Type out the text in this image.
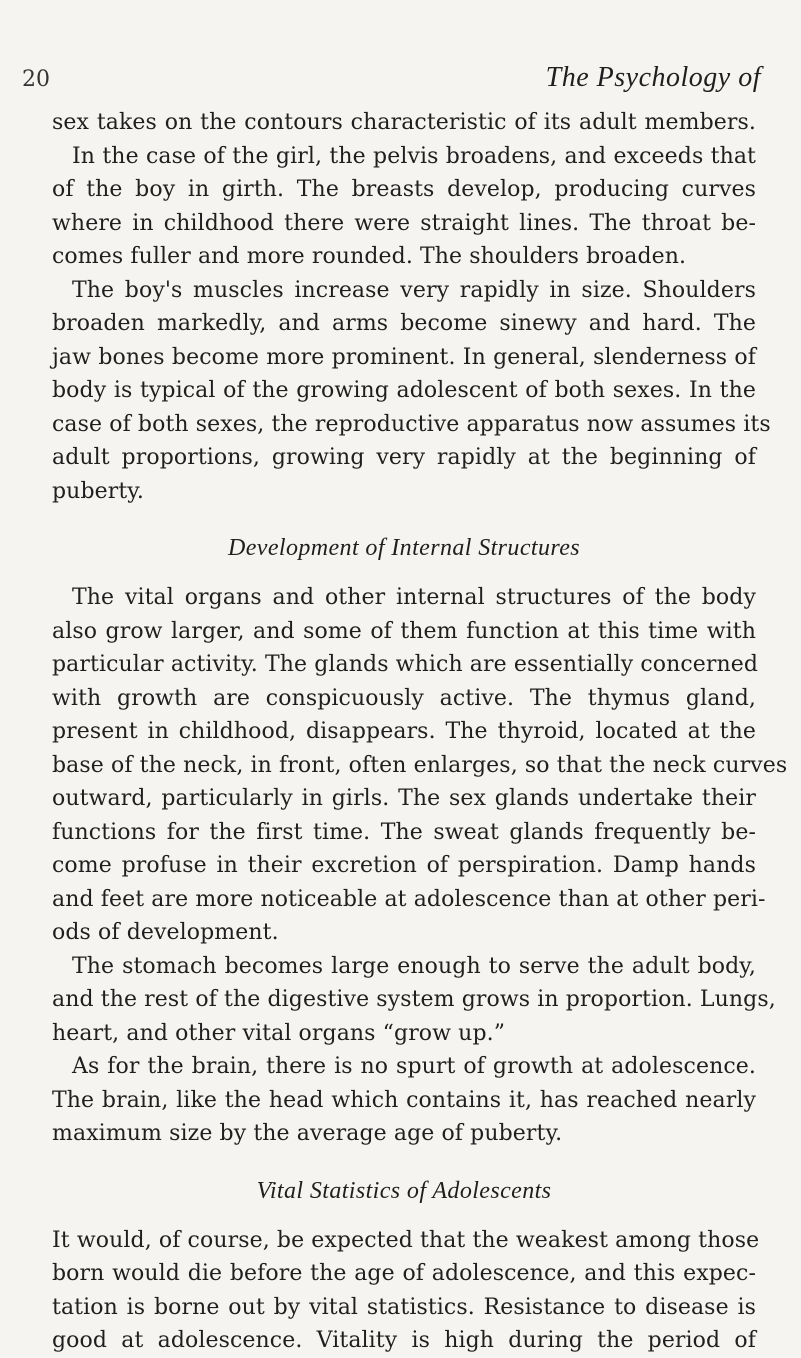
20	The Psychology of
sex takes on the contours characteristic of its adult members.
In the case of the girl, the pelvis broadens, and exceeds that
of the boy in girth. The breasts develop, producing curves
where in childhood there were straight lines. The throat be-
comes fuller and more rounded. The shoulders broaden.
The boy's muscles increase very rapidly in size. Shoulders
broaden markedly, and arms become sinewy and hard. The
jaw bones become more prominent. In general, slenderness of
body is typical of the growing adolescent of both sexes. In the
case of both sexes, the reproductive apparatus now assumes its
adult proportions, growing very rapidly at the beginning of
puberty.
Development of Internal Structures
The vital organs and other internal structures of the body
also grow larger, and some of them function at this time with
particular activity. The glands which are essentially concerned
with growth are conspicuously active. The thymus gland,
present in childhood, disappears. The thyroid, located at the
base of the neck, in front, often enlarges, so that the neck curves
outward, particularly in girls. The sex glands undertake their
functions for the first time. The sweat glands frequently be-
come profuse in their excretion of perspiration. Damp hands
and feet are more noticeable at adolescence than at other peri-
ods of development.
The stomach becomes large enough to serve the adult body,
and the rest of the digestive system grows in proportion. Lungs,
heart, and other vital organs “grow up.”
As for the brain, there is no spurt of growth at adolescence.
The brain, like the head which contains it, has reached nearly
maximum size by the average age of puberty.
Vital Statistics of Adolescents
It would, of course, be expected that the weakest among those
born would die before the age of adolescence, and this expec-
tation is borne out by vital statistics. Resistance to disease is
good at adolescence. Vitality is high during the period of
